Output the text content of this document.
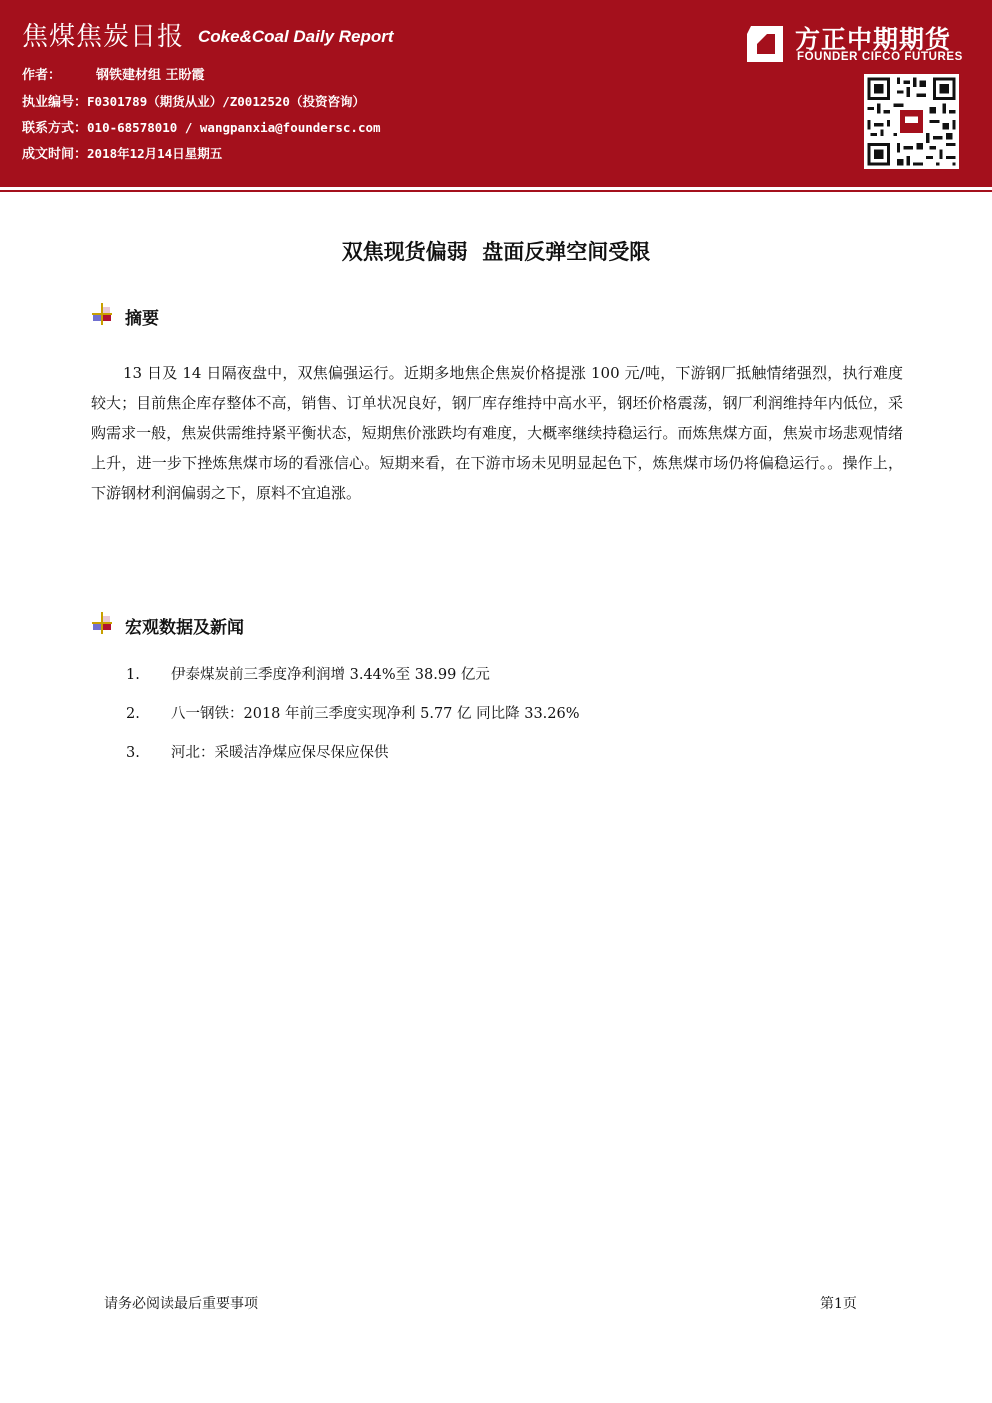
焦煤焦炭日报 Coke&Coal Daily Report
作者：	钢铁建材组 王盼霞
执业编号：F0301789（期货从业）/Z0012520（投资咨询）
联系方式：010-68578010 / wangpanxia@foundersc.com
成文时间：2018年12月14日星期五
方正中期期货
FOUNDER CIFCO FUTURES
双焦现货偏弱  盘面反弹空间受限
摘要

13 日及 14 日隔夜盘中，双焦偏强运行。近期多地焦企焦炭价格提涨 100 元/吨，下游钢厂抵触情绪强烈，执行难度较大；目前焦企库存整体不高，销售、订单状况良好，钢厂库存维持中高水平，钢坯价格震荡，钢厂利润维持年内低位，采购需求一般，焦炭供需维持紧平衡状态，短期焦价涨跌均有难度，大概率继续持稳运行。而炼焦煤方面，焦炭市场悲观情绪上升，进一步下挫炼焦煤市场的看涨信心。短期来看，在下游市场未见明显起色下，炼焦煤市场仍将偏稳运行。。操作上，下游钢材利润偏弱之下，原料不宜追涨。

宏观数据及新闻
1. 伊泰煤炭前三季度净利润增 3.44%至 38.99 亿元
2. 八一钢铁：2018 年前三季度实现净利 5.77 亿 同比降 33.26%
3. 河北：采暖洁净煤应保尽保应保供
请务必阅读最后重要事项	第1页
